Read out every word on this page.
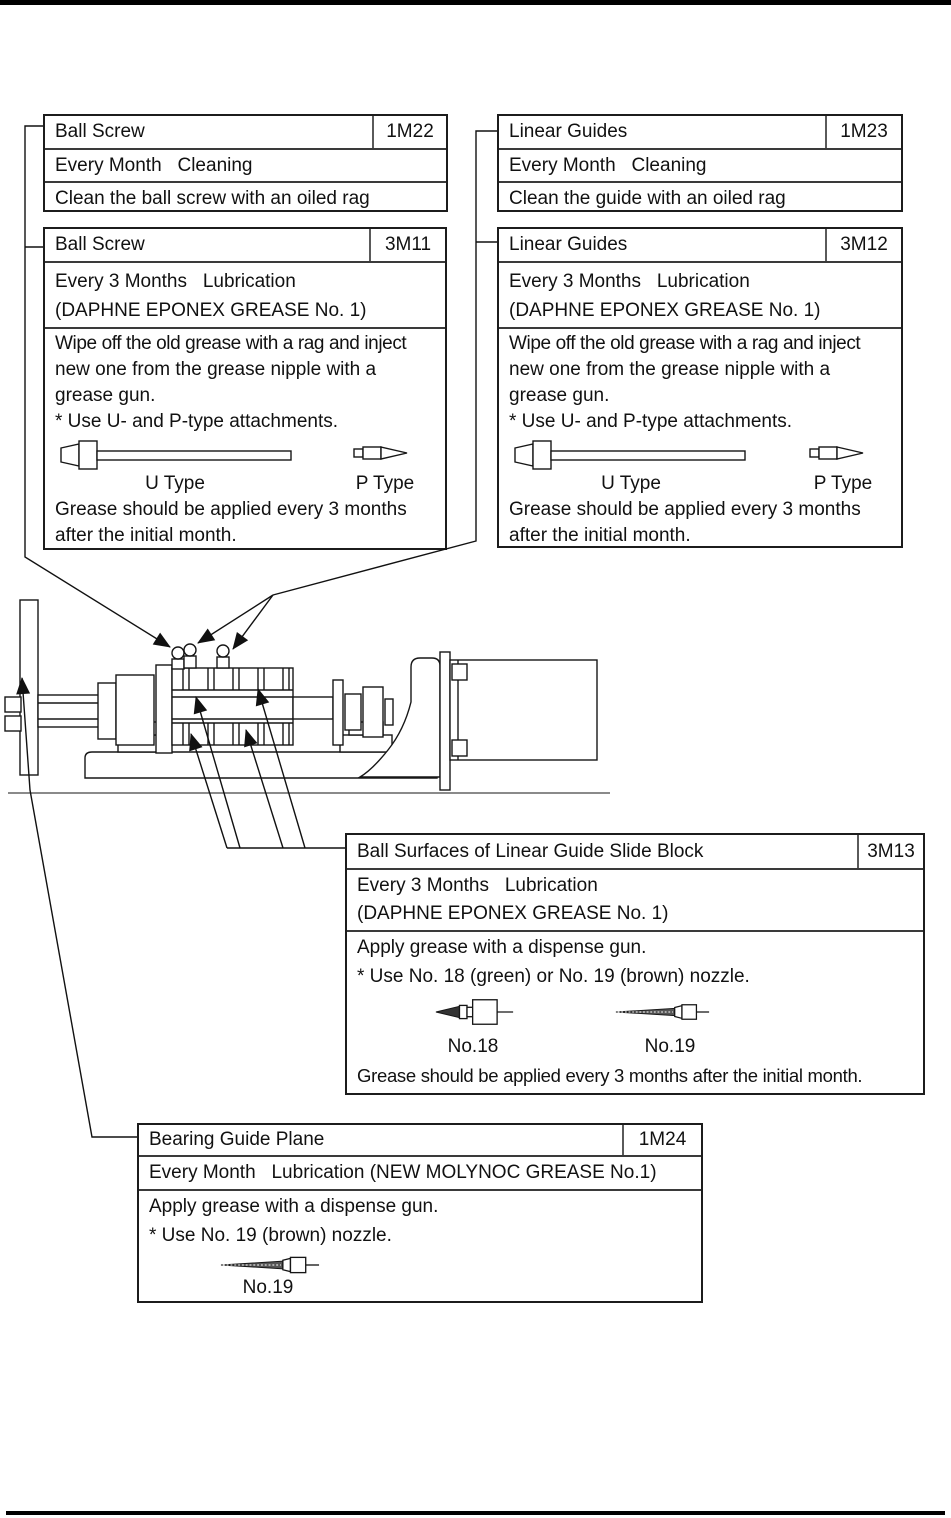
Ball Screw	1M22
Every Month   Cleaning
Clean the ball screw with an oiled rag
Linear Guides	1M23
Every Month   Cleaning
Clean the guide with an oiled rag
Ball Screw	3M11
Every 3 Months   Lubrication
(DAPHNE EPONEX GREASE No. 1)
Wipe off the old grease with a rag and inject
new one from the grease nipple with a
grease gun.
* Use U- and P-type attachments.
U Type	P Type
Grease should be applied every 3 months
after the initial month.
Linear Guides	3M12
Every 3 Months   Lubrication
(DAPHNE EPONEX GREASE No. 1)
Wipe off the old grease with a rag and inject
new one from the grease nipple with a
grease gun.
* Use U- and P-type attachments.
U Type	P Type
Grease should be applied every 3 months
after the initial month.
Ball Surfaces of Linear Guide Slide Block	3M13
Every 3 Months   Lubrication
(DAPHNE EPONEX GREASE No. 1)
Apply grease with a dispense gun.
* Use No. 18 (green) or No. 19 (brown) nozzle.
No.18	No.19
Grease should be applied every 3 months after the initial month.
Bearing Guide Plane	1M24
Every Month   Lubrication (NEW MOLYNOC GREASE No.1)
Apply grease with a dispense gun.
* Use No. 19 (brown) nozzle.
No.19
